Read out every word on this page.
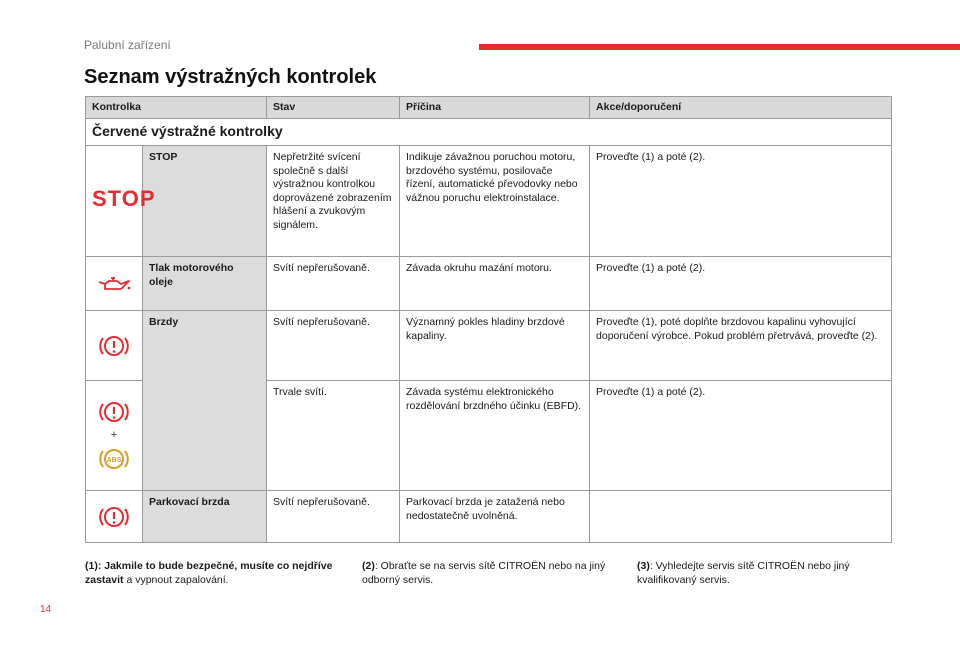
Palubní zařízení
Seznam výstražných kontrolek
Kontrolka		Stav	Příčina	Akce/doporučení
Červené výstražné kontrolky				
STOP	STOP	Nepřetržité svícení společně s další výstražnou kontrolkou doprovázené zobrazením hlášení a zvukovým signálem.	Indikuje závažnou poruchou motoru, brzdového systému, posilovače řízení, automatické převodovky nebo vážnou poruchu elektroinstalace.	Proveďte (1) a poté (2).

	Tlak motorového oleje	Svítí nepřerušovaně.	Závada okruhu mazání motoru.	Proveďte (1) a poté (2).

	Brzdy	Svítí nepřerušovaně.	Významný pokles hladiny brzdové kapaliny.	Proveďte (1), poté doplňte brzdovou kapalinu vyhovující doporučení výrobce. Pokud problém přetrvává, proveďte (2).

+
ABS		Trvale svítí.	Závada systému elektronického rozdělování brzdného účinku (EBFD).	Proveďte (1) a poté (2).

	Parkovací brzda	Svítí nepřerušovaně.	Parkovací brzda je zatažená nebo nedostatečně uvolněná.	
(1): Jakmile to bude bezpečné, musíte co nejdříve zastavit a vypnout zapalování.
(2): Obraťte se na servis sítě CITROËN nebo na jiný odborný servis.
(3): Vyhledejte servis sítě CITROËN nebo jiný kvalifikovaný servis.
14
